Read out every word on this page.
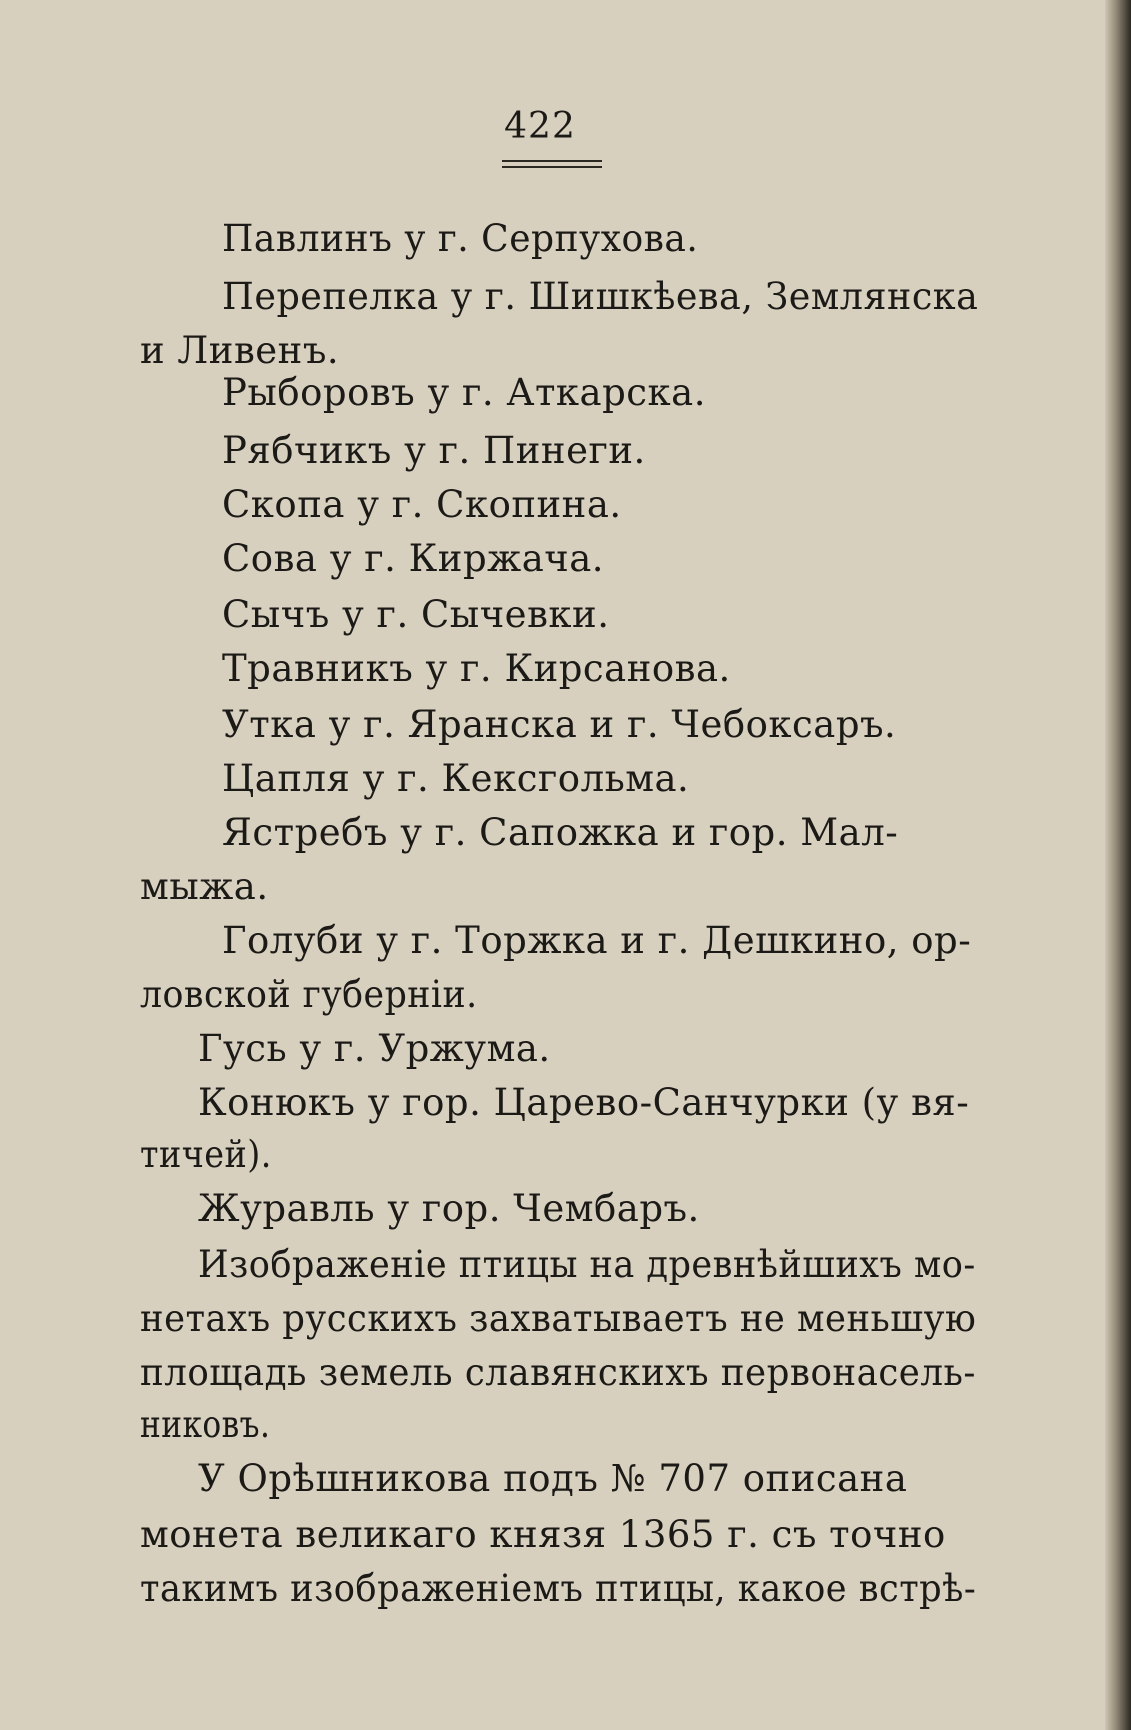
422
Павлинъ у г. Серпухова.
Перепелка у г. Шишкѣева, Землянска
и Ливенъ.
Рыборовъ у г. Аткарска.
Рябчикъ у г. Пинеги.
Скопа у г. Скопина.
Сова у г. Киржача.
Сычъ у г. Сычевки.
Травникъ у г. Кирсанова.
Утка у г. Яранска и г. Чебоксаръ.
Цапля у г. Кексгольма.
Ястребъ у г. Сапожка и гор. Мал-
мыжа.
Голуби у г. Торжка и г. Дешкино, ор-
ловской губерніи.
Гусь у г. Уржума.
Конюкъ у гор. Царево-Санчурки (у вя-
тичей).
Журавль у гор. Чембаръ.
Изображеніе птицы на древнѣйшихъ мо-
нетахъ русскихъ захватываетъ не меньшую
площадь земель славянскихъ первонасель-
никовъ.
У Орѣшникова подъ № 707 описана
монета великаго князя 1365 г. съ точно
такимъ изображеніемъ птицы, какое встрѣ-
